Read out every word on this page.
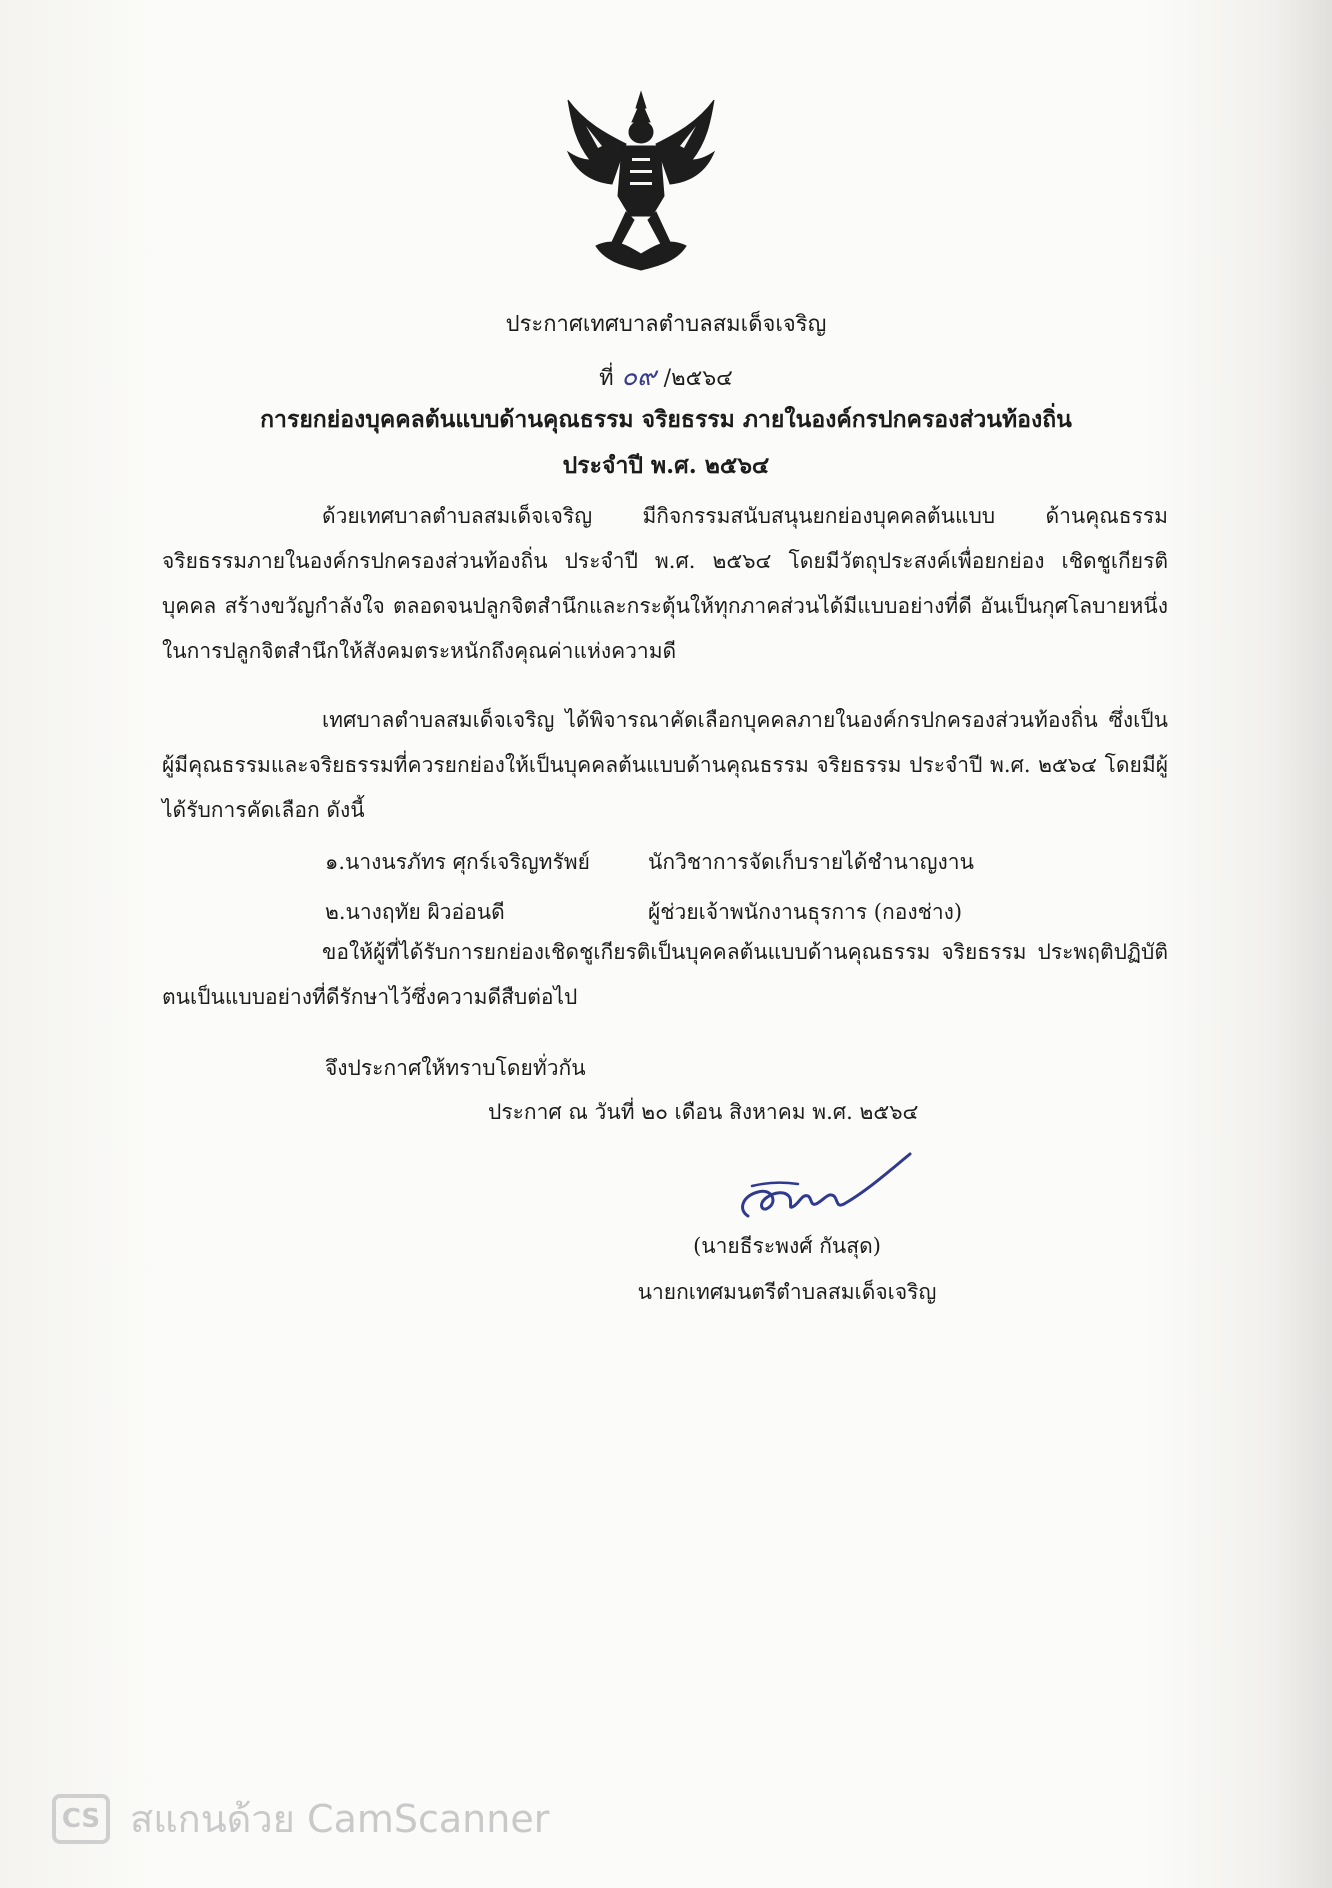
ประกาศเทศบาลตำบลสมเด็จเจริญ
ที่ ๐๙ /๒๕๖๔
การยกย่องบุคคลต้นแบบด้านคุณธรรม จริยธรรม ภายในองค์กรปกครองส่วนท้องถิ่น
ประจำปี พ.ศ. ๒๕๖๔
ด้วยเทศบาลตำบลสมเด็จเจริญ มีกิจกรรมสนับสนุนยกย่องบุคคลต้นแบบ ด้านคุณธรรม จริยธรรมภายในองค์กรปกครองส่วนท้องถิ่น ประจำปี พ.ศ. ๒๕๖๔ โดยมีวัตถุประสงค์เพื่อยกย่อง เชิดชูเกียรติบุคคล สร้างขวัญกำลังใจ ตลอดจนปลูกจิตสำนึกและกระตุ้นให้ทุกภาคส่วนได้มีแบบอย่างที่ดี อันเป็นกุศโลบายหนึ่งในการปลูกจิตสำนึกให้สังคมตระหนักถึงคุณค่าแห่งความดี
เทศบาลตำบลสมเด็จเจริญ ได้พิจารณาคัดเลือกบุคคลภายในองค์กรปกครองส่วนท้องถิ่น ซึ่งเป็นผู้มีคุณธรรมและจริยธรรมที่ควรยกย่องให้เป็นบุคคลต้นแบบด้านคุณธรรม จริยธรรม ประจำปี พ.ศ. ๒๕๖๔ โดยมีผู้ได้รับการคัดเลือก ดังนี้
๑.นางนรภัทร ศุกร์เจริญทรัพย์	นักวิชาการจัดเก็บรายได้ชำนาญงาน
๒.นางฤทัย ผิวอ่อนดี	ผู้ช่วยเจ้าพนักงานธุรการ (กองช่าง)
ขอให้ผู้ที่ได้รับการยกย่องเชิดชูเกียรติเป็นบุคคลต้นแบบด้านคุณธรรม จริยธรรม ประพฤติปฏิบัติตนเป็นแบบอย่างที่ดีรักษาไว้ซึ่งความดีสืบต่อไป
จึงประกาศให้ทราบโดยทั่วกัน
ประกาศ ณ วันที่ ๒๐ เดือน สิงหาคม พ.ศ. ๒๕๖๔
(นายธีระพงศ์ กันสุด)
นายกเทศมนตรีตำบลสมเด็จเจริญ
CS สแกนด้วย CamScanner
